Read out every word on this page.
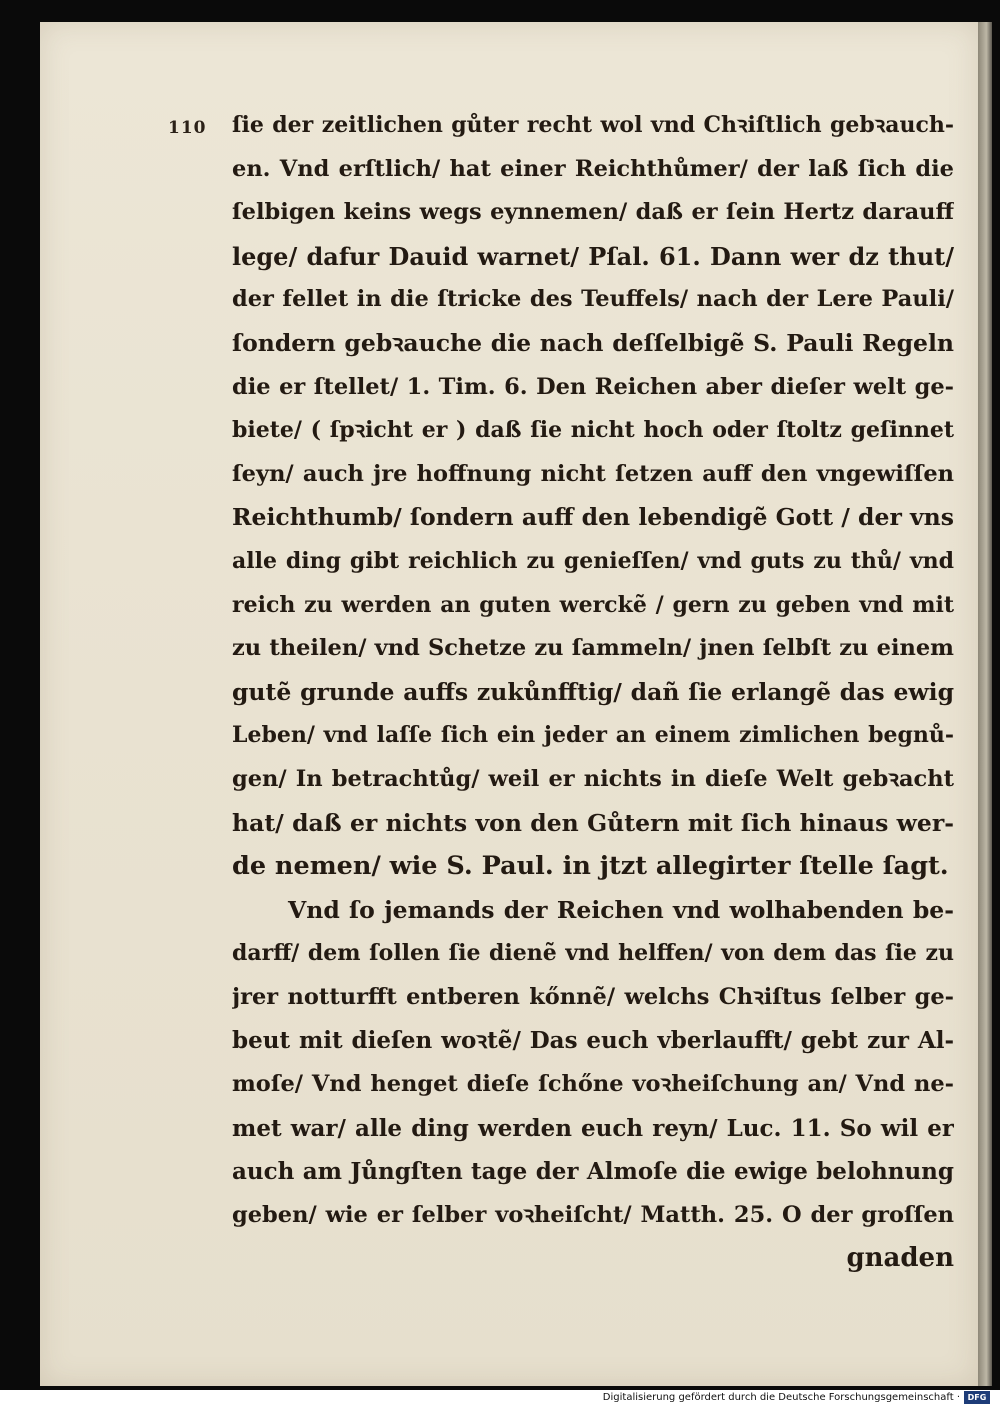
110 ſie der zeitlichen gůter recht wol vnd Chꝛiſtlich gebꝛauch-
en. Vnd erſtlich/ hat einer Reichthůmer/ der laß ſich die
ſelbigen keins wegs eynnemen/ daß er ſein Hertz darauff
lege/ dafur Dauid warnet/ Pſal. 61. Dann wer dz thut/
der fellet in die ſtricke des Teuffels/ nach der Lere Pauli/
ſondern gebꝛauche die nach deſſelbigẽ S. Pauli Regeln
die er ſtellet/ 1. Tim. 6. Den Reichen aber dieſer welt ge-
biete/ ( ſpꝛicht er ) daß ſie nicht hoch oder ſtoltz geſinnet
ſeyn/ auch jre hoffnung nicht ſetzen auff den vngewiſſen
Reichthumb/ ſondern auff den lebendigẽ Gott / der vns
alle ding gibt reichlich zu genieſſen/ vnd guts zu thů/ vnd
reich zu werden an guten werckẽ / gern zu geben vnd mit
zu theilen/ vnd Schetze zu ſammeln/ jnen ſelbſt zu einem
gutẽ grunde auffs zukůnfftig/ dañ ſie erlangẽ das ewig
Leben/ vnd laſſe ſich ein jeder an einem zimlichen begnů-
gen/ In betrachtůg/ weil er nichts in dieſe Welt gebꝛacht
hat/ daß er nichts von den Gůtern mit ſich hinaus wer-
de nemen/ wie S. Paul. in jtzt allegirter ſtelle ſagt.
Vnd ſo jemands der Reichen vnd wolhabenden be-
darff/ dem ſollen ſie dienẽ vnd helffen/ von dem das ſie zu
jrer notturfft entberen kőnnẽ/ welchs Chꝛiſtus ſelber ge-
beut mit dieſen woꝛtẽ/ Das euch vberlaufft/ gebt zur Al-
moſe/ Vnd henget dieſe ſchőne voꝛheiſchung an/ Vnd ne-
met war/ alle ding werden euch reyn/ Luc. 11. So wil er
auch am Jůngſten tage der Almoſe die ewige belohnung
geben/ wie er ſelber voꝛheiſcht/ Matth. 25. O der groſſen
gnaden
Digitalisierung gefördert durch die Deutsche Forschungsgemeinschaft · DFG
